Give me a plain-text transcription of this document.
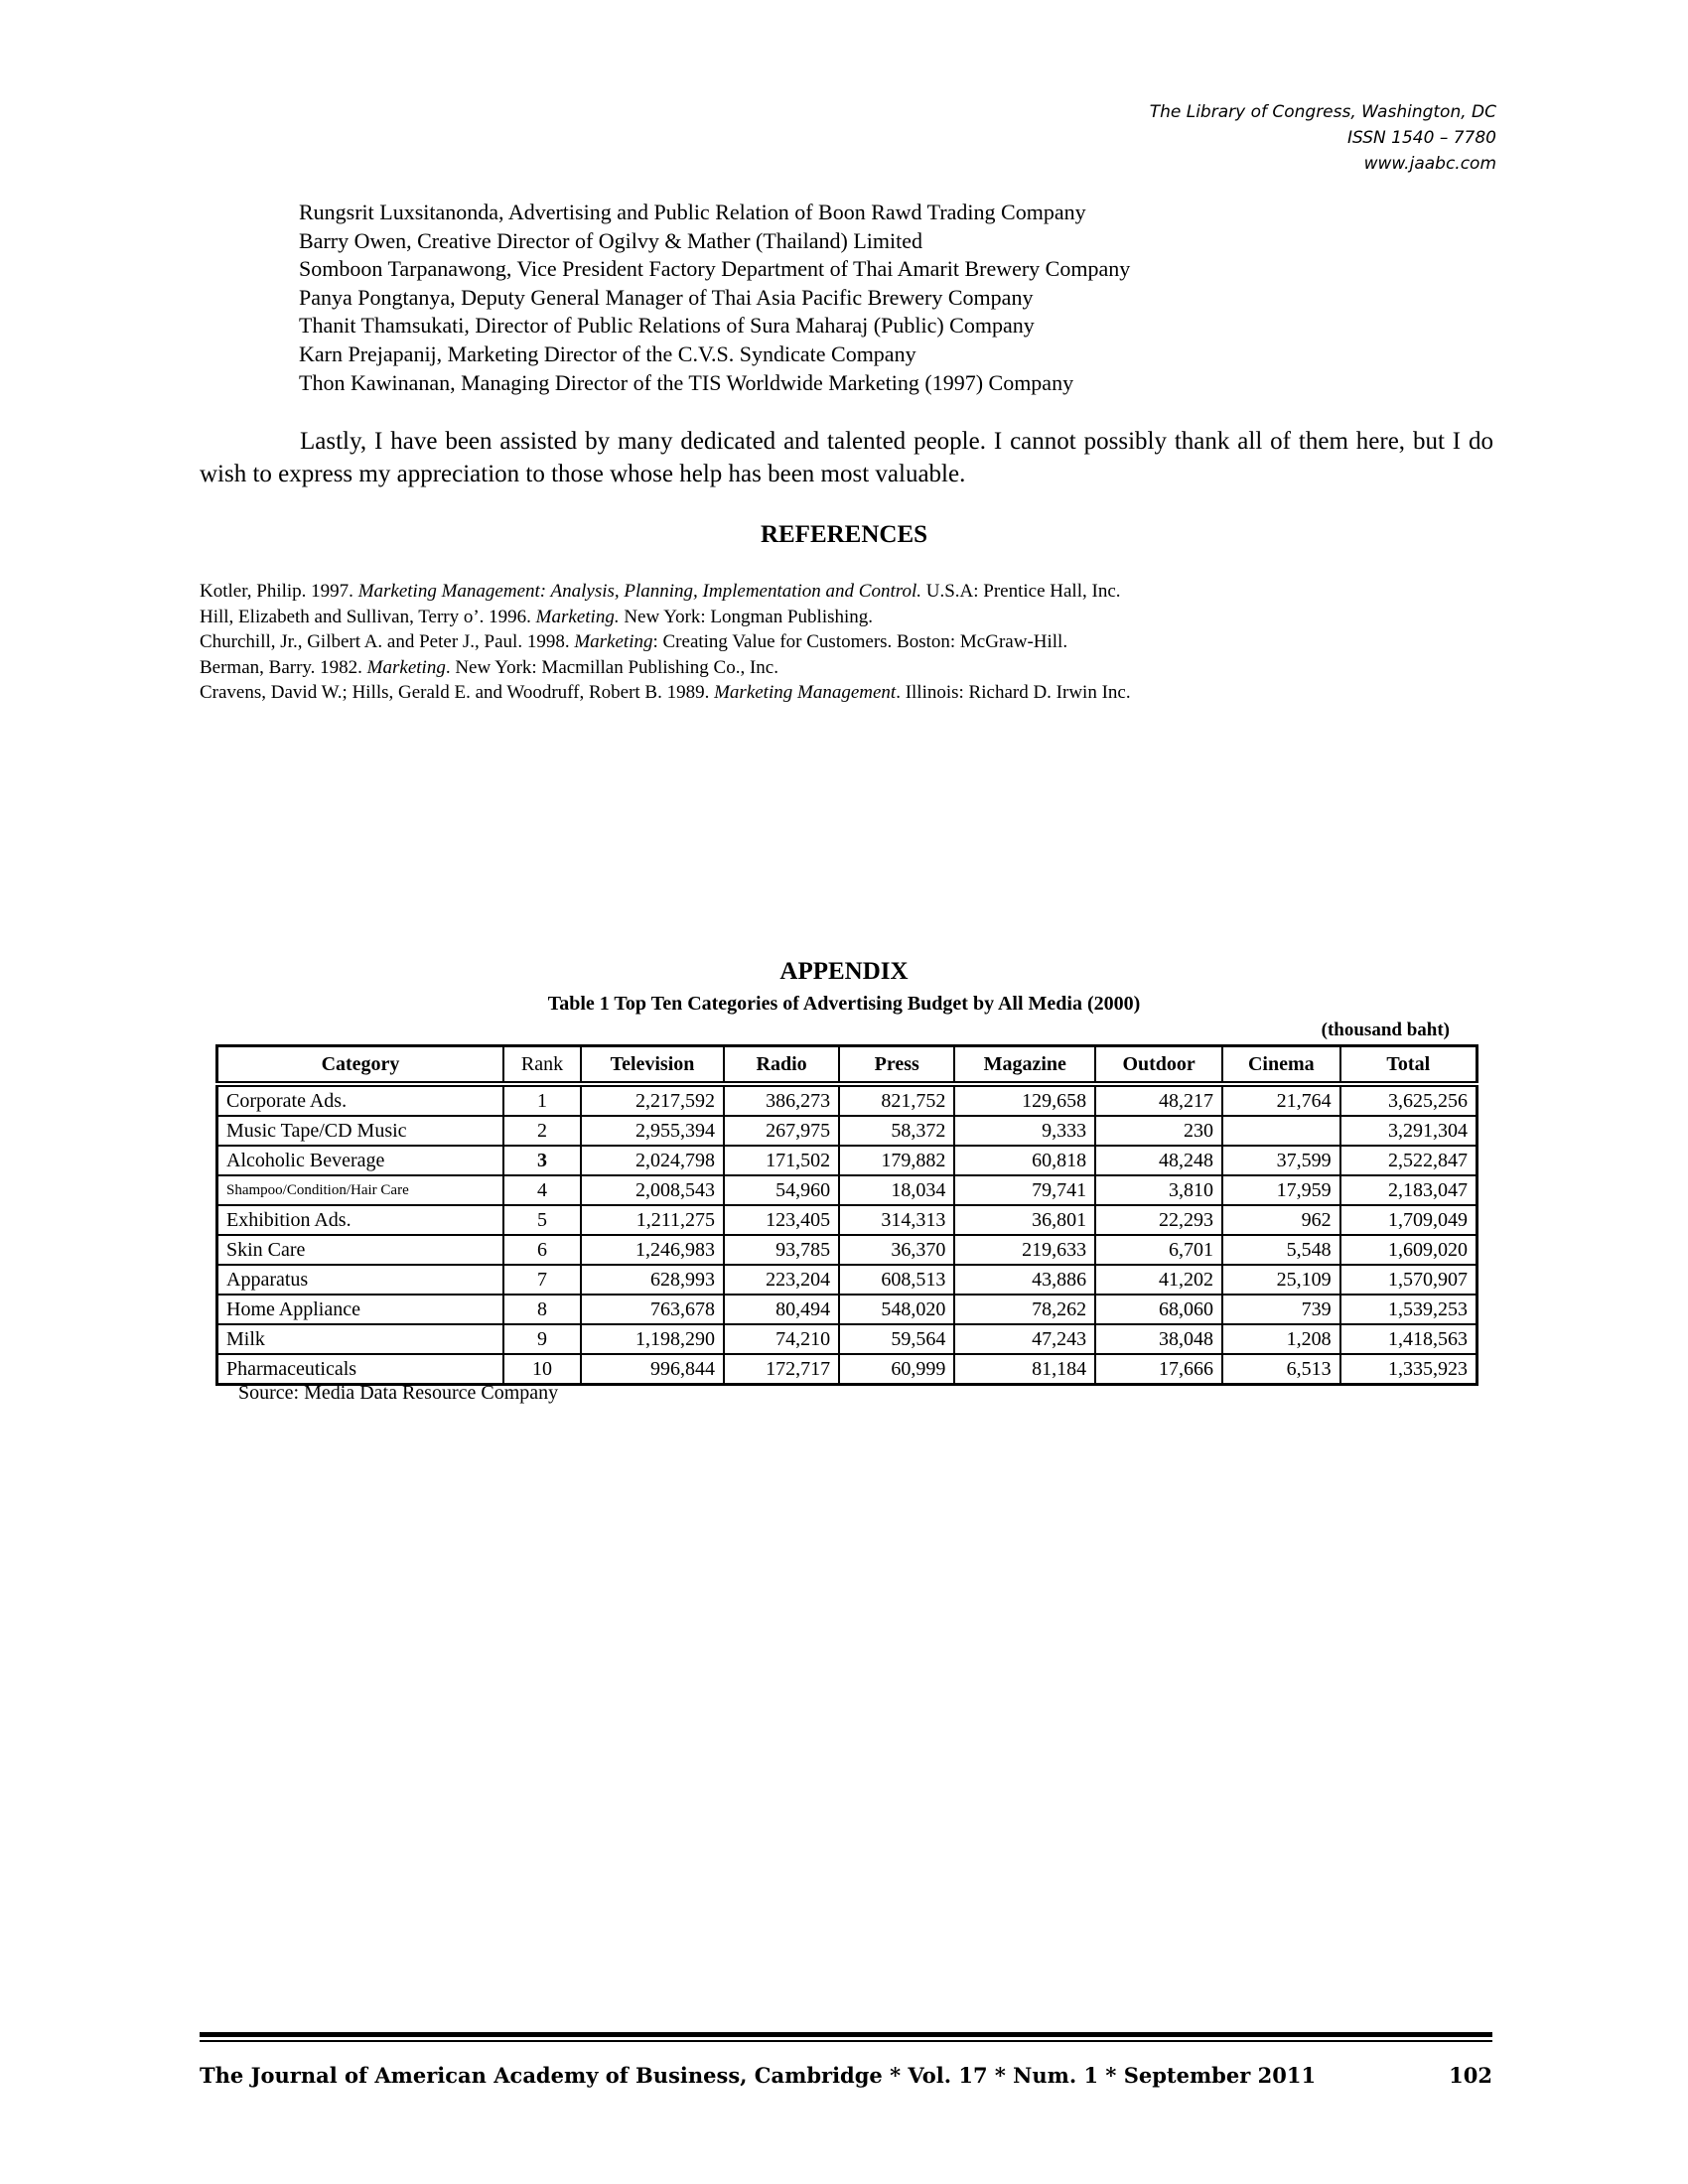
The Library of Congress, Washington, DC
ISSN 1540 – 7780
www.jaabc.com
Rungsrit Luxsitanonda, Advertising and Public Relation of Boon Rawd Trading Company
Barry Owen, Creative Director of Ogilvy & Mather (Thailand) Limited
Somboon Tarpanawong, Vice President Factory Department of Thai Amarit Brewery Company
Panya Pongtanya, Deputy General Manager of Thai Asia Pacific Brewery Company
Thanit Thamsukati, Director of Public Relations of Sura Maharaj (Public) Company
Karn Prejapanij, Marketing Director of the C.V.S. Syndicate Company
Thon Kawinanan, Managing Director of the TIS Worldwide Marketing (1997) Company
Lastly, I have been assisted by many dedicated and talented people. I cannot possibly thank all of them here, but I do wish to express my appreciation to those whose help has been most valuable.
REFERENCES
Kotler, Philip. 1997. Marketing Management: Analysis, Planning, Implementation and Control. U.S.A: Prentice Hall, Inc.
Hill, Elizabeth and Sullivan, Terry o’. 1996. Marketing. New York: Longman Publishing.
Churchill, Jr., Gilbert A. and Peter J., Paul. 1998. Marketing: Creating Value for Customers. Boston: McGraw-Hill.
Berman, Barry. 1982. Marketing. New York: Macmillan Publishing Co., Inc.
Cravens, David W.; Hills, Gerald E. and Woodruff, Robert B. 1989. Marketing Management. Illinois: Richard D. Irwin Inc.
APPENDIX
Table 1 Top Ten Categories of Advertising Budget by All Media (2000)
(thousand baht)
Category	Rank	Television	Radio	Press	Magazine	Outdoor	Cinema	Total
Corporate Ads.	1	2,217,592	386,273	821,752	129,658	48,217	21,764	3,625,256
Music Tape/CD Music	2	2,955,394	267,975	58,372	9,333	230		3,291,304
Alcoholic Beverage	3	2,024,798	171,502	179,882	60,818	48,248	37,599	2,522,847
Shampoo/Condition/Hair Care	4	2,008,543	54,960	18,034	79,741	3,810	17,959	2,183,047
Exhibition Ads.	5	1,211,275	123,405	314,313	36,801	22,293	962	1,709,049
Skin Care	6	1,246,983	93,785	36,370	219,633	6,701	5,548	1,609,020
Apparatus	7	628,993	223,204	608,513	43,886	41,202	25,109	1,570,907
Home Appliance	8	763,678	80,494	548,020	78,262	68,060	739	1,539,253
Milk	9	1,198,290	74,210	59,564	47,243	38,048	1,208	1,418,563
Pharmaceuticals	10	996,844	172,717	60,999	81,184	17,666	6,513	1,335,923
Source: Media Data Resource Company
The Journal of American Academy of Business, Cambridge * Vol. 17 * Num. 1 * September 2011	102
